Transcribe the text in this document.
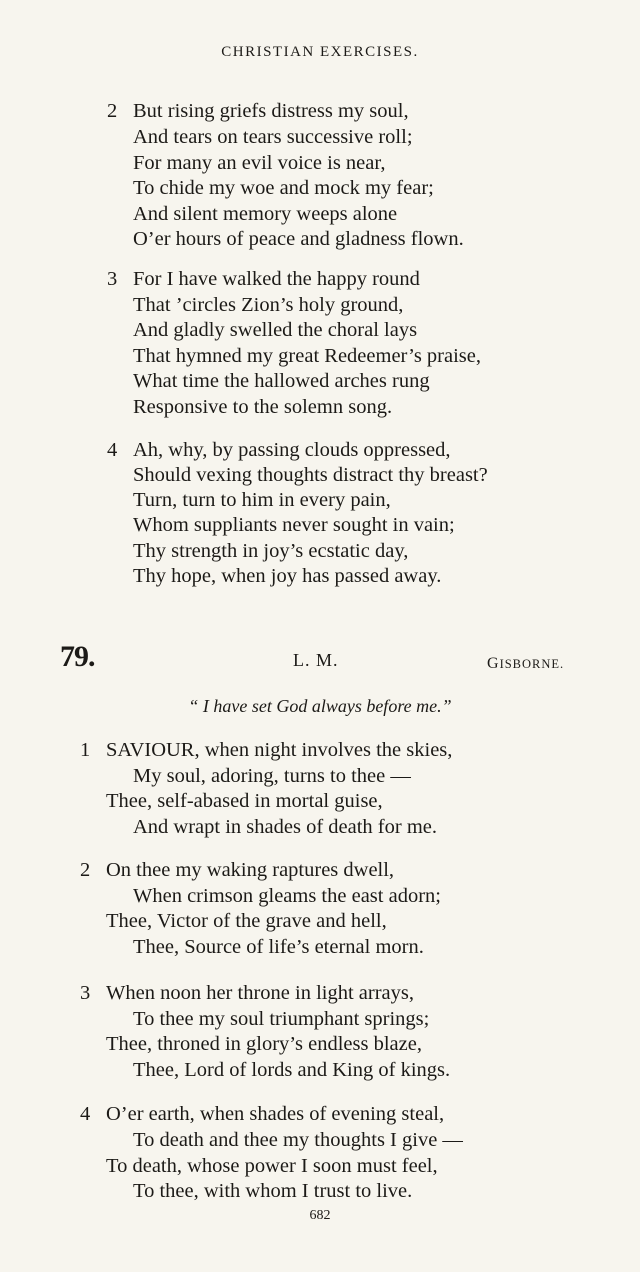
CHRISTIAN EXERCISES.
2 But rising griefs distress my soul,
And tears on tears successive roll;
For many an evil voice is near,
To chide my woe and mock my fear;
And silent memory weeps alone
O’er hours of peace and gladness flown.
3 For I have walked the happy round
That ’circles Zion’s holy ground,
And gladly swelled the choral lays
That hymned my great Redeemer’s praise,
What time the hallowed arches rung
Responsive to the solemn song.
4 Ah, why, by passing clouds oppressed,
Should vexing thoughts distract thy breast?
Turn, turn to him in every pain,
Whom suppliants never sought in vain;
Thy strength in joy’s ecstatic day,
Thy hope, when joy has passed away.
79.	L. M.	GISBORNE.
“ I have set God always before me.”
1 SAVIOUR, when night involves the skies,
My soul, adoring, turns to thee —
Thee, self-abased in mortal guise,
And wrapt in shades of death for me.
2 On thee my waking raptures dwell,
When crimson gleams the east adorn;
Thee, Victor of the grave and hell,
Thee, Source of life’s eternal morn.
3 When noon her throne in light arrays,
To thee my soul triumphant springs;
Thee, throned in glory’s endless blaze,
Thee, Lord of lords and King of kings.
4 O’er earth, when shades of evening steal,
To death and thee my thoughts I give —
To death, whose power I soon must feel,
To thee, with whom I trust to live.
682
